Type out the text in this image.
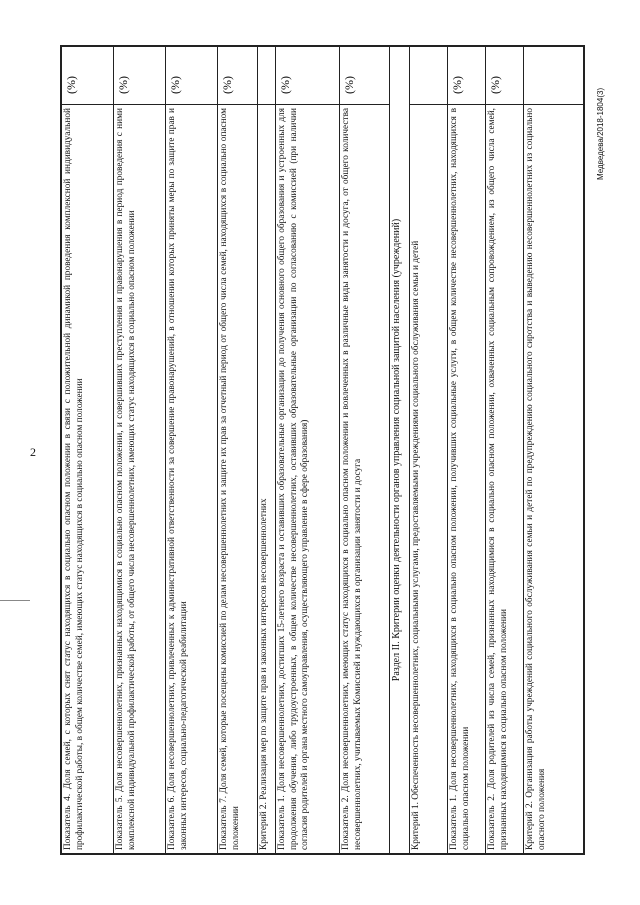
2	Показатель 4. Доля семей, с которых снят статус находящихся в социально опасном положении в связи с положительной динамикой проведения комплексной индивидуальной профилактической работы, в общем количестве семей, имеющих статус находящихся в социально опасном положении	(%)
Показатель 5. Доля несовершеннолетних, признанных находящимися в социально опасном положении, и совершивших преступления и правонарушения в период проведения с ними комплексной индивидуальной профилактической работы, от общего числа несовершеннолетних, имеющих статус находящихся в социально опасном положении	(%)
Показатель 6. Доля несовершеннолетних, привлеченных к административной ответственности за совершение правонарушений, в отношении которых приняты меры по защите прав и законных интересов, социально-педагогической реабилитации	(%)
Показатель 7. Доля семей, которые посещены комиссией по делам несовершеннолетних и защите их прав за отчетный период от общего числа семей, находящихся в социально опасном положении	(%)
Критерий 2. Реализация мер по защите прав и законных интересов несовершеннолетних	
Показатель 1. Доля несовершеннолетних, достигших 15-летнего возраста и оставивших образовательные организации до получения основного общего образования и устроенных для продолжения обучения, либо трудоустроенных, в общем количестве несовершеннолетних, оставивших образовательные организации по согласованию с комиссией (при наличии согласия родителей и органа местного самоуправления, осуществляющего управление в сфере образования)	(%)
Показатель 2. Доля несовершеннолетних, имеющих статус находящихся в социально опасном положении и вовлеченных в различные виды занятости и досуга, от общего количества несовершеннолетних, учитываемых Комиссией и нуждающихся в организации занятости и досуга	(%)
Раздел II. Критерии оценки деятельности органов управления социальной защитой населения (учреждений)	
Критерий 1. Обеспеченность несовершеннолетних, социальными услугами, предоставляемыми учреждениями социального обслуживания семьи и детей	
Показатель 1. Доля несовершеннолетних, находящихся в социально опасном положении, получивших социальные услуги, в общем количестве несовершеннолетних, находящихся в социально опасном положении	(%)
Показатель 2. Доля родителей из числа семей, признанных находящимися в социально опасном положении, охваченных социальным сопровождением, из общего числа семей, признанных находящимися в социально опасном положении	(%)
Критерий 2. Организация работы учреждений социального обслуживания семьи и детей по предупреждению социального сиротства и выведению несовершеннолетних из социально опасного положения	
Медведева/2018-1804(3)
